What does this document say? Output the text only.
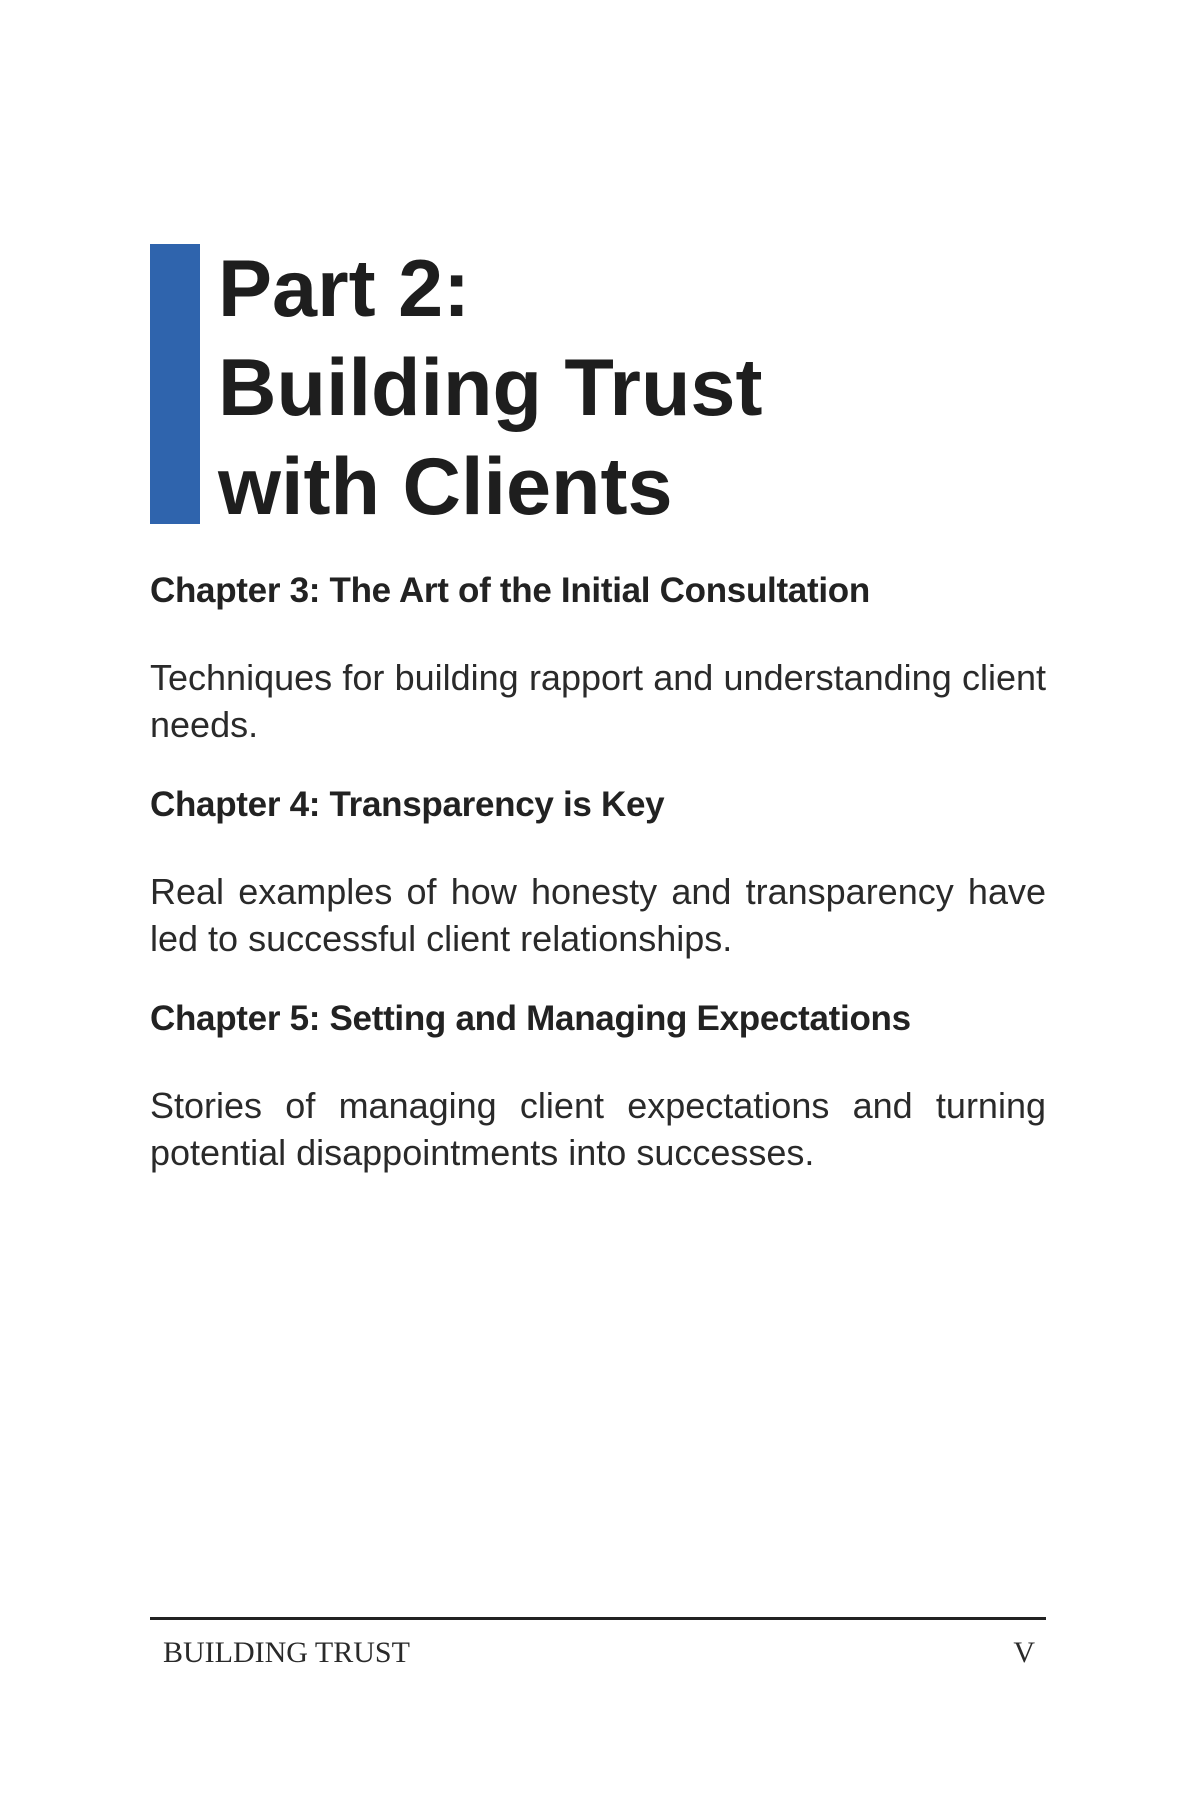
Part 2:
Building Trust
with Clients
Chapter 3: The Art of the Initial Consultation

Techniques for building rapport and understanding client needs.

Chapter 4: Transparency is Key

Real examples of how honesty and transparency have led to successful client relationships.

Chapter 5: Setting and Managing Expectations

Stories of managing client expectations and turning potential disappointments into successes.

BUILDING TRUST	V
